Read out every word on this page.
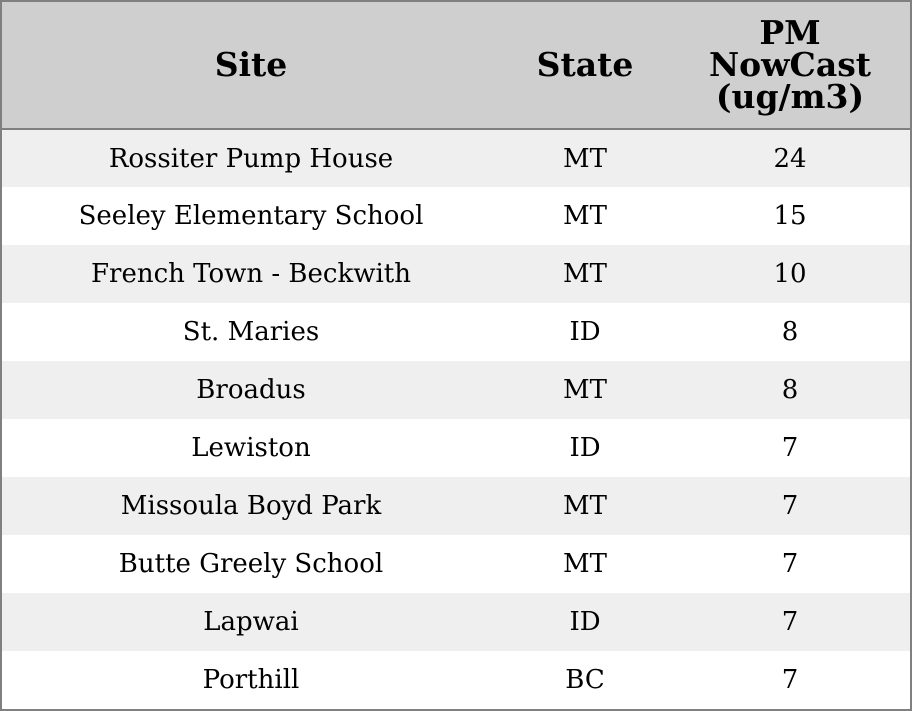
Site	State	PM
NowCast
(ug/m3)
Rossiter Pump House	MT	24
Seeley Elementary School	MT	15
French Town - Beckwith	MT	10
St. Maries	ID	8
Broadus	MT	8
Lewiston	ID	7
Missoula Boyd Park	MT	7
Butte Greely School	MT	7
Lapwai	ID	7
Porthill	BC	7
